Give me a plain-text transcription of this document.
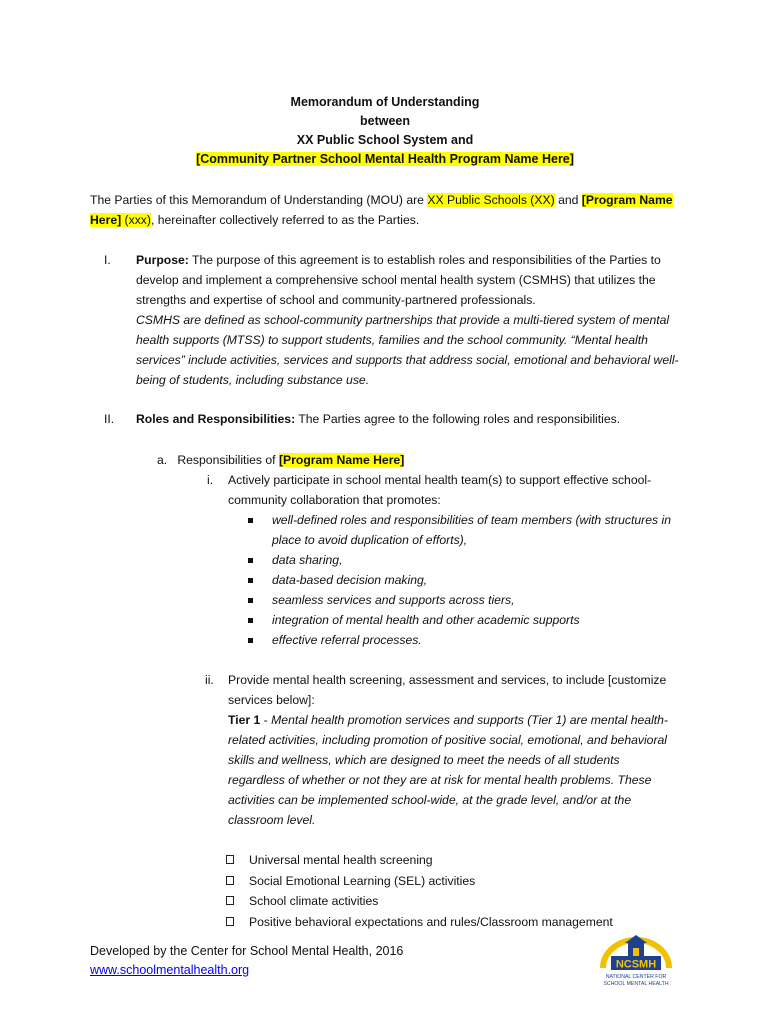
Memorandum of Understanding
between
XX Public School System and
[Community Partner School Mental Health Program Name Here]
The Parties of this Memorandum of Understanding (MOU) are XX Public Schools (XX) and [Program Name Here] (xxx), hereinafter collectively referred to as the Parties.
I. Purpose: The purpose of this agreement is to establish roles and responsibilities of the Parties to develop and implement a comprehensive school mental health system (CSMHS) that utilizes the strengths and expertise of school and community-partnered professionals.
CSMHS are defined as school-community partnerships that provide a multi-tiered system of mental health supports (MTSS) to support students, families and the school community. “Mental health services” include activities, services and supports that address social, emotional and behavioral well-being of students, including substance use.
II. Roles and Responsibilities: The Parties agree to the following roles and responsibilities.
a. Responsibilities of [Program Name Here]
i. Actively participate in school mental health team(s) to support effective school-community collaboration that promotes:
well-defined roles and responsibilities of team members (with structures in place to avoid duplication of efforts),
data sharing,
data-based decision making,
seamless services and supports across tiers,
integration of mental health and other academic supports
effective referral processes.
ii. Provide mental health screening, assessment and services, to include [customize services below]:
Tier 1 - Mental health promotion services and supports (Tier 1) are mental health-related activities, including promotion of positive social, emotional, and behavioral skills and wellness, which are designed to meet the needs of all students regardless of whether or not they are at risk for mental health problems. These activities can be implemented school-wide, at the grade level, and/or at the classroom level.
Universal mental health screening
Social Emotional Learning (SEL) activities
School climate activities
Positive behavioral expectations and rules/Classroom management
Developed by the Center for School Mental Health, 2016
www.schoolmentalhealth.org	NCSMH
NATIONAL CENTER FOR
SCHOOL MENTAL HEALTH
